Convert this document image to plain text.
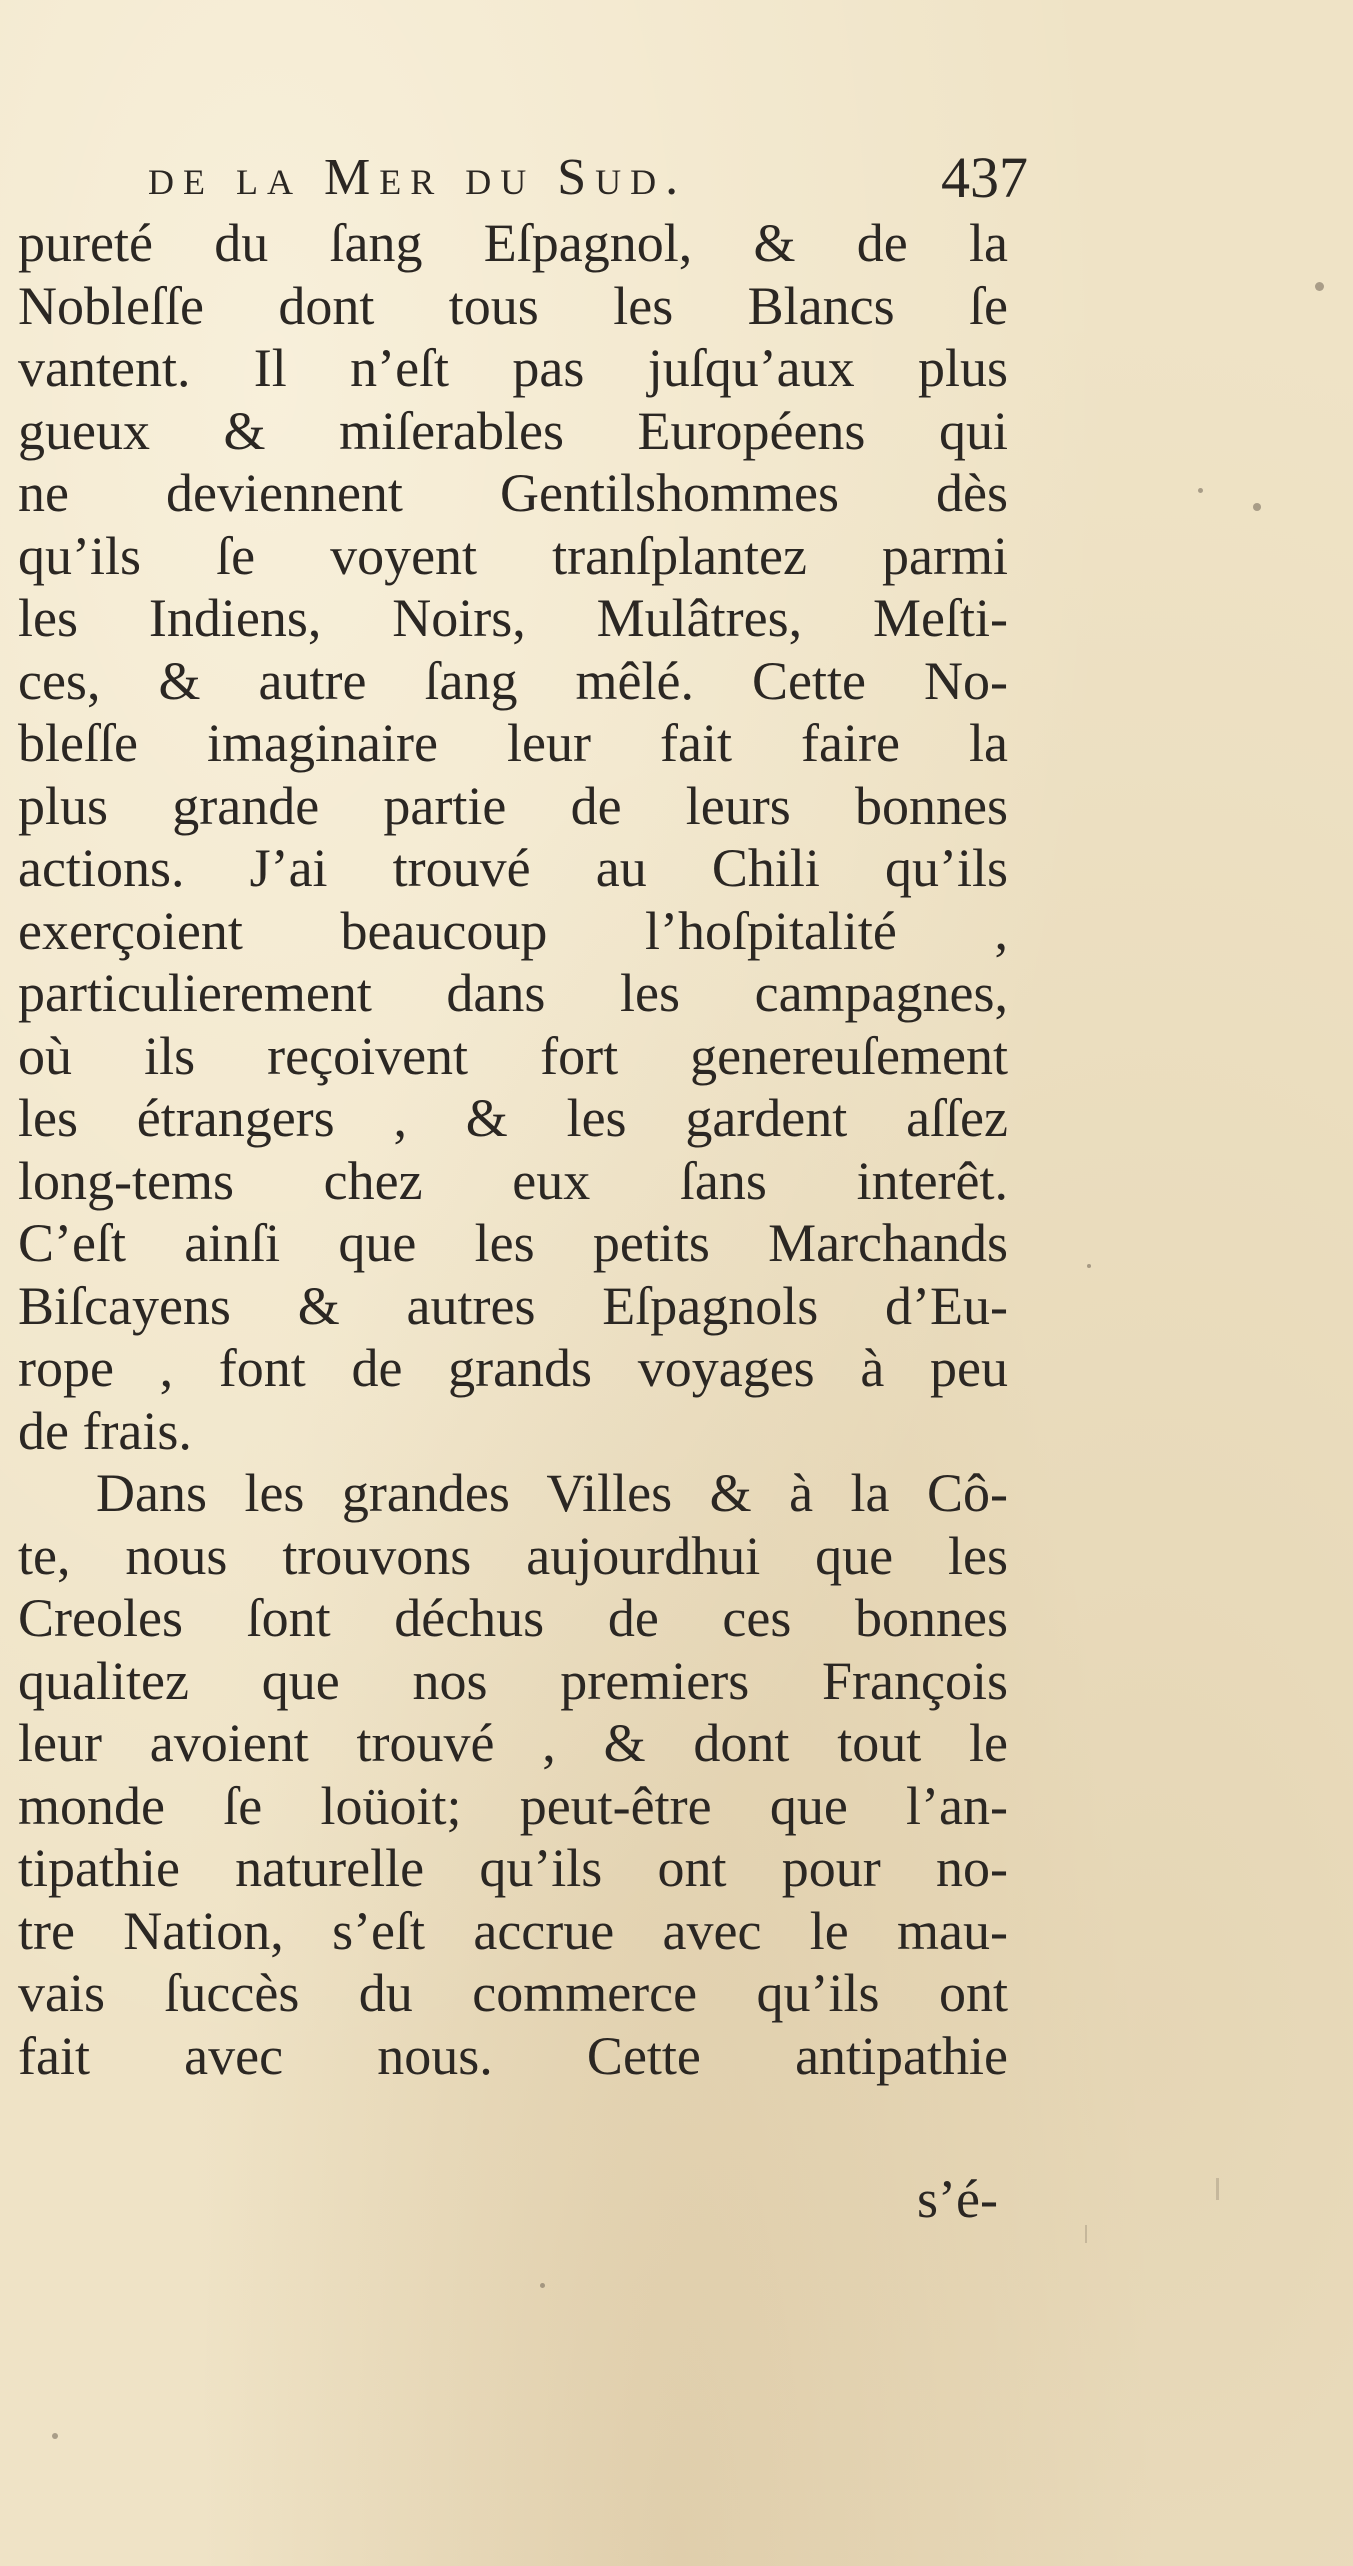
de la Mer du Sud.	437
pureté du ſang Eſpagnol, & de la
Nobleſſe dont tous les Blancs ſe
vantent. Il n’eſt pas juſqu’aux plus
gueux & miſerables Européens qui
ne deviennent Gentilshommes dès
qu’ils ſe voyent tranſplantez parmi
les Indiens, Noirs, Mulâtres, Meſti-
ces, & autre ſang mêlé. Cette No-
bleſſe imaginaire leur fait faire la
plus grande partie de leurs bonnes
actions. J’ai trouvé au Chili qu’ils
exerçoient beaucoup l’hoſpitalité ,
particulierement dans les campagnes,
où ils reçoivent fort genereuſement
les étrangers , & les gardent aſſez
long-tems chez eux ſans interêt.
C’eſt ainſi que les petits Marchands
Biſcayens & autres Eſpagnols d’Eu-
rope , font de grands voyages à peu
de frais.
Dans les grandes Villes & à la Cô-
te, nous trouvons aujourdhui que les
Creoles ſont déchus de ces bonnes
qualitez que nos premiers François
leur avoient trouvé , & dont tout le
monde ſe loüoit; peut-être que l’an-
tipathie naturelle qu’ils ont pour no-
tre Nation, s’eſt accrue avec le mau-
vais ſuccès du commerce qu’ils ont
fait avec nous. Cette antipathie
s’é-
